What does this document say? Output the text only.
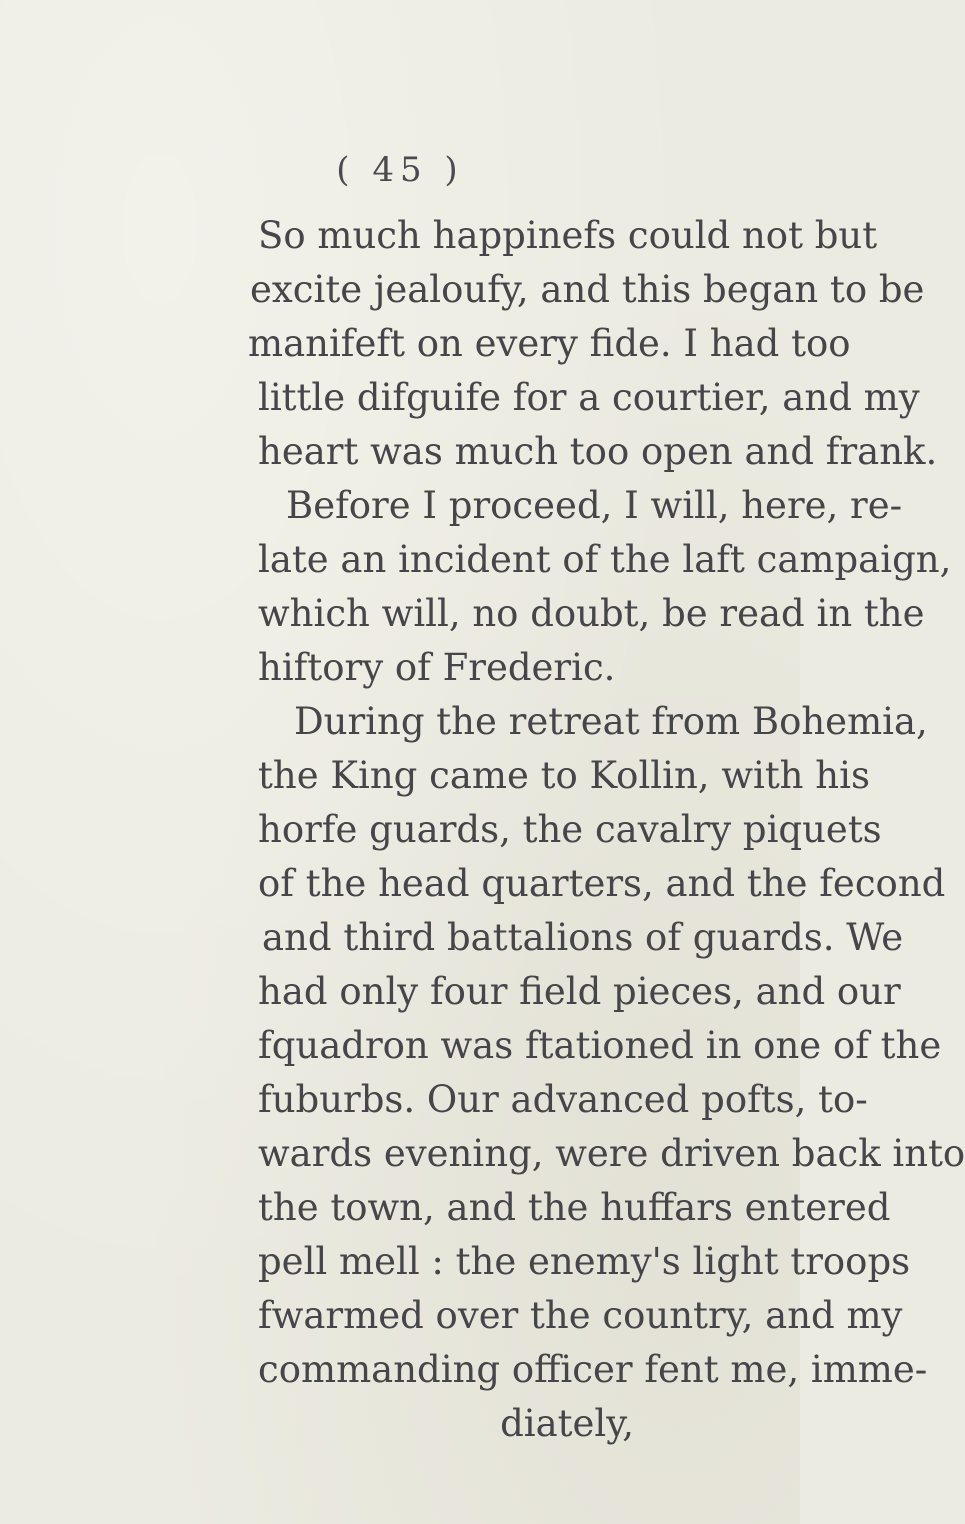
( 45 )
So much happinefs could not but
excite jealoufy, and this began to be
manifeft on every fide. I had too
little difguife for a courtier, and my
heart was much too open and frank.
Before I proceed, I will, here, re-
late an incident of the laft campaign,
which will, no doubt, be read in the
hiftory of Frederic.
During the retreat from Bohemia,
the King came to Kollin, with his
horfe guards, the cavalry piquets
of the head quarters, and the fecond
and third battalions of guards. We
had only four field pieces, and our
fquadron was ftationed in one of the
fuburbs. Our advanced pofts, to-
wards evening, were driven back into
the town, and the huffars entered
pell mell : the enemy's light troops
fwarmed over the country, and my
commanding officer fent me, imme-
diately,
